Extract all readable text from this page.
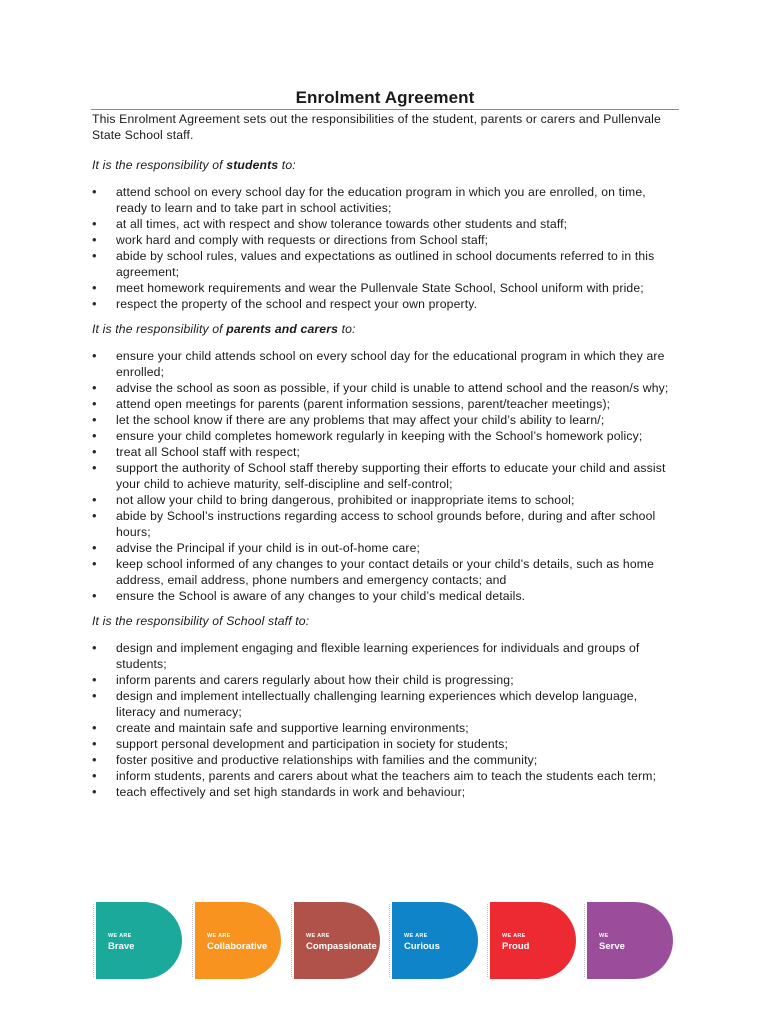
Enrolment Agreement

This Enrolment Agreement sets out the responsibilities of the student, parents or carers and Pullenvale State School staff.

It is the responsibility of students to:

• attend school on every school day for the education program in which you are enrolled, on time, ready to learn and to take part in school activities;
• at all times, act with respect and show tolerance towards other students and staff;
• work hard and comply with requests or directions from School staff;
• abide by school rules, values and expectations as outlined in school documents referred to in this agreement;
• meet homework requirements and wear the Pullenvale State School, School uniform with pride;
• respect the property of the school and respect your own property.

It is the responsibility of parents and carers to:

• ensure your child attends school on every school day for the educational program in which they are enrolled;
• advise the school as soon as possible, if your child is unable to attend school and the reason/s why;
• attend open meetings for parents (parent information sessions, parent/teacher meetings);
• let the school know if there are any problems that may affect your child’s ability to learn/;
• ensure your child completes homework regularly in keeping with the School’s homework policy;
• treat all School staff with respect;
• support the authority of School staff thereby supporting their efforts to educate your child and assist your child to achieve maturity, self-discipline and self-control;
• not allow your child to bring dangerous, prohibited or inappropriate items to school;
• abide by School’s instructions regarding access to school grounds before, during and after school hours;
• advise the Principal if your child is in out-of-home care;
• keep school informed of any changes to your contact details or your child’s details, such as home address, email address, phone numbers and emergency contacts; and
• ensure the School is aware of any changes to your child’s medical details.

It is the responsibility of School staff to:

• design and implement engaging and flexible learning experiences for individuals and groups of students;
• inform parents and carers regularly about how their child is progressing;
• design and implement intellectually challenging learning experiences which develop language, literacy and numeracy;
• create and maintain safe and supportive learning environments;
• support personal development and participation in society for students;
• foster positive and productive relationships with families and the community;
• inform students, parents and carers about what the teachers aim to teach the students each term;
• teach effectively and set high standards in work and behaviour;
WE ARE
Brave
WE ARE
Collaborative
WE ARE
Compassionate
WE ARE
Curious
WE ARE
Proud
WE
Serve
